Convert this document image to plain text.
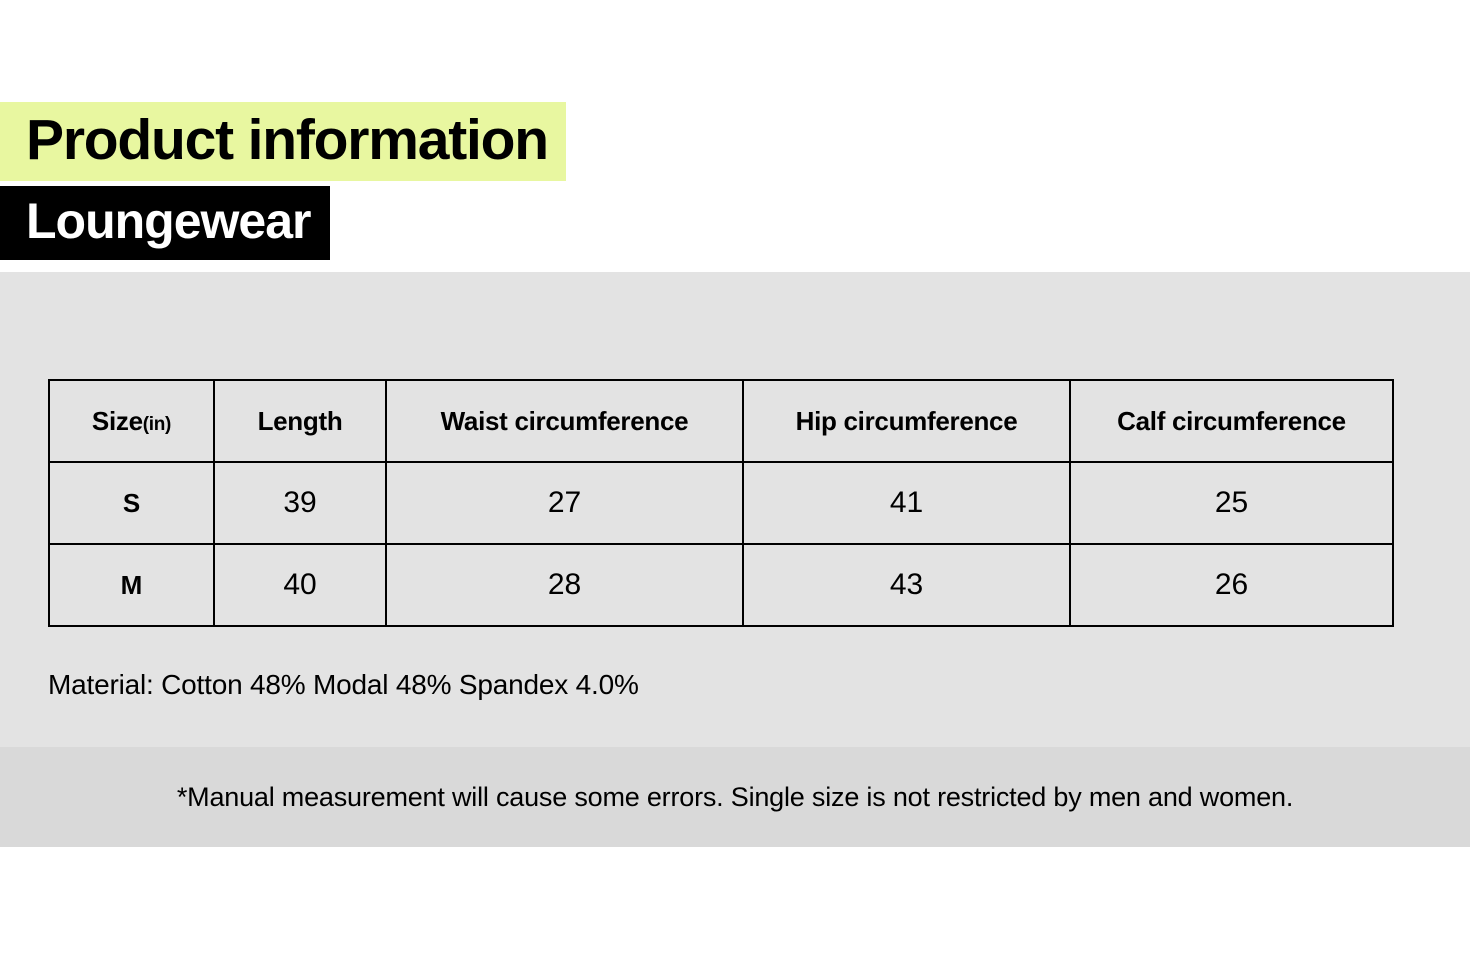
Product information
Loungewear
Size(in)	Length	Waist circumference	Hip circumference	Calf circumference
S	39	27	41	25
M	40	28	43	26
Material: Cotton 48% Modal 48% Spandex 4.0%
*Manual measurement will cause some errors. Single size is not restricted by men and women.
